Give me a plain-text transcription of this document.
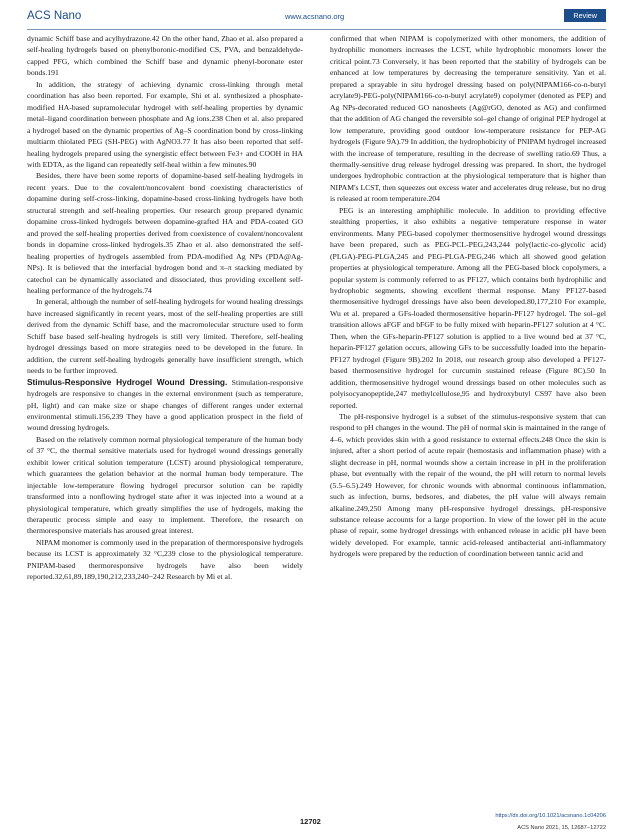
ACS Nano	www.acsnano.org	Review

dynamic Schiff base and acylhydrazone.42 On the other hand, Zhao et al. also prepared a self-healing hydrogels based on phenylboronic-modified CS, PVA, and benzaldehyde-capped PFG, which combined the Schiff base and dynamic phenyl-boronate ester bonds.191

In addition, the strategy of achieving dynamic cross-linking through metal coordination has also been reported. For example, Shi et al. synthesized a phosphate-modified HA-based supramolecular hydrogel with self-healing properties by dynamic metal–ligand coordination between phosphate and Ag ions.238 Chen et al. also prepared a hydrogel based on the dynamic properties of Ag–S coordination bond by cross-linking multiarm thiolated PEG (SH-PEG) with AgNO3.77 It has also been reported that self-healing hydrogels prepared using the synergistic effect between Fe3+ and COOH in HA with EDTA, as the ligand can repeatedly self-heal within a few minutes.90

Besides, there have been some reports of dopamine-based self-healing hydrogels in recent years. Due to the covalent/noncovalent bond coexisting characteristics of dopamine during self-cross-linking, dopamine-based cross-linking hydrogels have both structural strength and self-healing properties. Our research group prepared dynamic dopamine cross-linked hydrogels between dopamine-grafted HA and PDA-coated GO and proved the self-healing properties derived from coexistence of covalent/noncovalent bonds in dopamine cross-linked hydrogels.35 Zhao et al. also demonstrated the self-healing properties of hydrogels assembled from PDA-modified Ag NPs (PDA@Ag-NPs). It is believed that the interfacial hydrogen bond and π–π stacking mediated by catechol can be dynamically associated and dissociated, thus providing excellent self-healing performance of the hydrogels.74

In general, although the number of self-healing hydrogels for wound healing dressings have increased significantly in recent years, most of the self-healing properties are still derived from the dynamic Schiff base, and the macromolecular structure used to form Schiff base based self-healing hydrogels is still very limited. Therefore, self-healing hydrogel dressings based on more strategies need to be developed in the future. In addition, the current self-healing hydrogels generally have insufficient strength, which needs to be further improved.

Stimulus-Responsive Hydrogel Wound Dressing. Stimulation-responsive hydrogels are responsive to changes in the external environment (such as temperature, pH, light) and can make size or shape changes of different ranges under external environmental stimuli.156,239 They have a good application prospect in the field of wound dressing hydrogels.

Based on the relatively common normal physiological temperature of the human body of 37 °C, the thermal sensitive materials used for hydrogel wound dressings generally exhibit lower critical solution temperature (LCST) around physiological temperature, which guarantees the gelation behavior at the normal human body temperature. The injectable low-temperature flowing hydrogel precursor solution can be rapidly transformed into a nonflowing hydrogel state after it was injected into a wound at a physiological temperature, which greatly simplifies the use of hydrogels, making the therapeutic process simple and easy to implement. Therefore, the research on thermoresponsive materials has aroused great interest.

NIPAM monomer is commonly used in the preparation of thermoresponsive hydrogels because its LCST is approximately 32 °C,239 close to the physiological temperature. PNIPAM-based thermoresponsive hydrogels have also been widely reported.32,61,89,189,190,212,233,240−242 Research by Mi et al.

confirmed that when NIPAM is copolymerized with other monomers, the addition of hydrophilic monomers increases the LCST, while hydrophobic monomers lower the critical point.73 Conversely, it has been reported that the stability of hydrogels can be enhanced at low temperatures by decreasing the temperature sensitivity. Yan et al. prepared a sprayable in situ hydrogel dressing based on poly(NIPAM166-co-n-butyl acrylate9)-PEG-poly(NIPAM166-co-n-butyl acrylate9) copolymer (denoted as PEP) and Ag NPs-decorated reduced GO nanosheets (Ag@rGO, denoted as AG) and confirmed that the addition of AG changed the reversible sol–gel change of original PEP hydrogel at low temperature, providing good outdoor low-temperature resistance for PEP-AG hydrogels (Figure 9A).79 In addition, the hydrophobicity of PNIPAM hydrogel increased with the increase of temperature, resulting in the decrease of swelling ratio.69 Thus, a thermally-sensitive drug release hydrogel dressing was prepared. In short, the hydrogel undergoes hydrophobic contraction at the physiological temperature that is higher than NIPAM's LCST, then squeezes out excess water and accelerates drug release, but no drug is released at room temperature.204

PEG is an interesting amphiphilic molecule. In addition to providing effective stealthing properties, it also exhibits a negative temperature response in water environments. Many PEG-based copolymer thermosensitive hydrogel wound dressings have been prepared, such as PEG-PCL-PEG,243,244 poly(lactic-co-glycolic acid) (PLGA)-PEG-PLGA,245 and PEG-PLGA-PEG,246 which all showed good gelation properties at physiological temperature. Among all the PEG-based block copolymers, a popular system is commonly referred to as PF127, which contains both hydrophilic and hydrophobic segments, showing excellent thermal response. Many PF127-based thermosensitive hydrogel dressings have also been developed.80,177,210 For example, Wu et al. prepared a GFs-loaded thermosensitive heparin-PF127 hydrogel. The sol–gel transition allows aFGF and bFGF to be fully mixed with heparin-PF127 solution at 4 °C. Then, when the GFs-heparin-PF127 solution is applied to a live wound bed at 37 °C, heparin-PF127 gelation occurs, allowing GFs to be successfully loaded into the heparin-PF127 hydrogel (Figure 9B).202 In 2018, our research group also developed a PF127-based thermosensitive hydrogel for curcumin sustained release (Figure 8C).50 In addition, thermosensitive hydrogel wound dressings based on other molecules such as polyisocyanopeptide,247 methylcellulose,95 and hydroxybutyl CS97 have also been reported.

The pH-responsive hydrogel is a subset of the stimulus-responsive system that can respond to pH changes in the wound. The pH of normal skin is maintained in the range of 4–6, which provides skin with a good resistance to external effects.248 Once the skin is injured, after a short period of acute repair (hemostasis and inflammation phase) with a slight decrease in pH, normal wounds show a certain increase in pH in the proliferation phase, but eventually with the repair of the wound, the pH will return to normal levels (5.5–6.5).249 However, for chronic wounds with abnormal continuous inflammation, such as infection, burns, bedsores, and diabetes, the pH value will always remain alkaline.249,250 Among many pH-responsive hydrogel dressings, pH-responsive substance release accounts for a large proportion. In view of the lower pH in the acute phase of repair, some hydrogel dressings with enhanced release in acidic pH have been widely developed. For example, tannic acid-released antibacterial anti-inflammatory hydrogels were prepared by the reduction of coordination between tannic acid and

12702
https://dx.doi.org/10.1021/acsnano.1c04206
ACS Nano 2021, 15, 12687−12722
